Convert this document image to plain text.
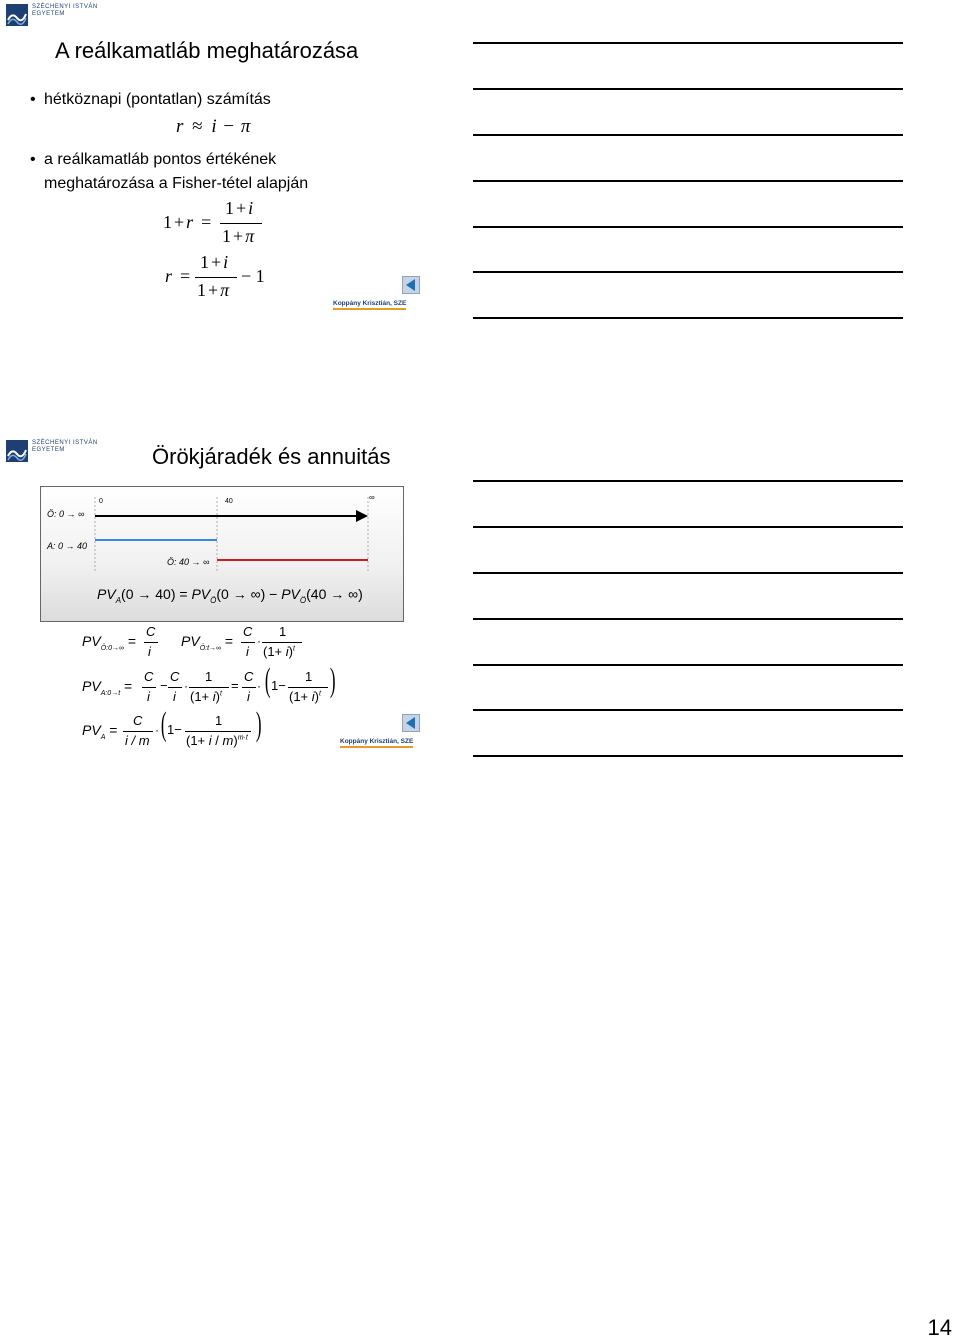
SZÉCHENYI ISTVÁN
EGYETEM
A reálkamatláb meghatározása
• hétköznapi (pontatlan) számítás
r ≈ i − π
• a reálkamatláb pontos értékének
meghatározása a Fisher-tétel alapján
1 + r =
1 + i
1 + π
r =
1 + i
1 + π
− 1
Koppány Krisztián, SZE
SZÉCHENYI ISTVÁN
EGYETEM	Örökjáradék és annuitás
0	40	∞
Ö: 0 → ∞
A: 0 → 40
Ö: 40 → ∞
$PV_A(0 \to 40) = PV_Ö(0$ → ∞) − $PV_Ö(40$ → ∞)
$PV_{Ö:0\to\infty}$ =
C
i
$PV_{Ö:t\to\infty}$ =
C
i
·
1
$(1+ i)^t$
$PV_{A:0\to t}$ =
C
i
−
C
i
·
1
$(1+ i)^t$
=
C
i
· ( 1−
1
$(1+ i)^t$ )
$PV_A$ =
C
i / m
· ( 1−
1
$(1+ i / m)^{m\cdot t}$ )	Koppány Krisztián, SZE
14
